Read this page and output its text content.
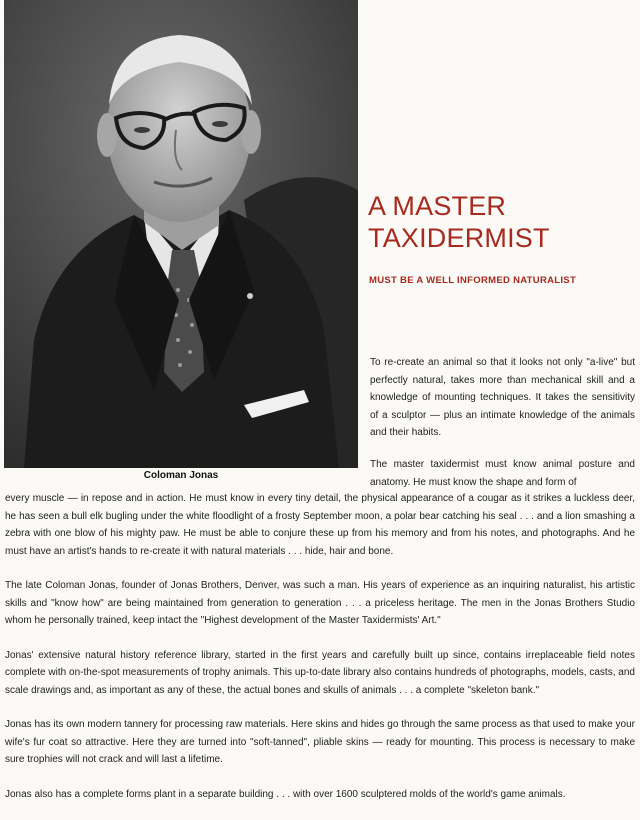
Coloman Jonas
A MASTER
TAXIDERMIST
MUST BE A WELL INFORMED NATURALIST
To re-create an animal so that it looks not only "a-live" but perfectly natural, takes more than mechanical skill and a knowledge of mounting techniques. It takes the sensitivity of a sculptor — plus an intimate knowledge of the animals and their habits.
The master taxidermist must know animal posture and anatomy. He must know the shape and form of

every muscle — in repose and in action. He must know in every tiny detail, the physical appearance of a cougar as it strikes a luckless deer, he has seen a bull elk bugling under the white floodlight of a frosty September moon, a polar bear catching his seal . . . and a lion smashing a zebra with one blow of his mighty paw. He must be able to conjure these up from his memory and from his notes, and photographs. And he must have an artist's hands to re-create it with natural materials . . . hide, hair and bone.

The late Coloman Jonas, founder of Jonas Brothers, Denver, was such a man. His years of experience as an inquiring naturalist, his artistic skills and "know how" are being maintained from generation to generation . . . a priceless heritage. The men in the Jonas Brothers Studio whom he personally trained, keep intact the "Highest development of the Master Taxidermists' Art."

Jonas' extensive natural history reference library, started in the first years and carefully built up since, contains irreplaceable field notes complete with on-the-spot measurements of trophy animals. This up-to-date library also contains hundreds of photographs, models, casts, and scale drawings and, as important as any of these, the actual bones and skulls of animals . . . a complete "skeleton bank."

Jonas has its own modern tannery for processing raw materials. Here skins and hides go through the same process as that used to make your wife's fur coat so attractive. Here they are turned into "soft-tanned", pliable skins — ready for mounting. This process is necessary to make sure trophies will not crack and will last a lifetime.

Jonas also has a complete forms plant in a separate building . . . with over 1600 sculptered molds of the world's game animals.
